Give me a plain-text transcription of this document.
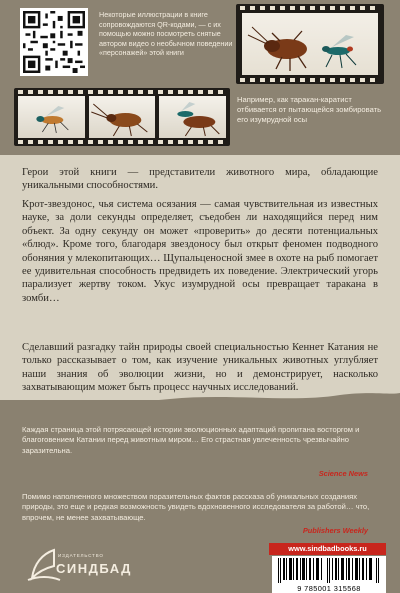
Некоторые иллюстрации в книге сопровождаются QR-кодами, — с их помощью можно посмотреть снятые автором видео о необычном поведении «персонажей» этой книги
Например, как таракан-каратист отбивается от пытающейся зомбировать его изумрудной осы

Герои этой книги — представители животного мира, обладающие уникальными способностями.

Крот-звездонос, чья система осязания — самая чувствительная из известных науке, за доли секунды определяет, съедобен ли находящийся перед ним объект. За одну секунду он может «проверить» до десяти потенциальных «блюд». Кроме того, благодаря звездоносу был открыт феномен подводного обоняния у млекопитающих… Щупальценосной змее в охоте на рыб помогает ее удивительная способность предвидеть их поведение. Электрический угорь парализует жертву током. Укус изумрудной осы превращает таракана в зомби…

Сделавший разгадку тайн природы своей специальностью Кеннет Катания не только рассказывает о том, как изучение уникальных животных углубляет наши знания об эволюции жизни, но и демонстрирует, насколько захватывающим может быть процесс научных исследований.

Каждая страница этой потрясающей истории эволюционных адаптаций пропитана восторгом и благоговением Катании перед животным миром… Его страстная увлеченность чрезвычайно заразительна.

Science News

Помимо наполненного множеством поразительных фактов рассказа об уникальных созданиях природы, это еще и редкая возможность увидеть вдохновенного исследователя за работой… что, впрочем, не менее захватывающе.

Publishers Weekly
ИЗДАТЕЛЬСТВО
СИНДБАД
www.sindbadbooks.ru
9 785001 315568
